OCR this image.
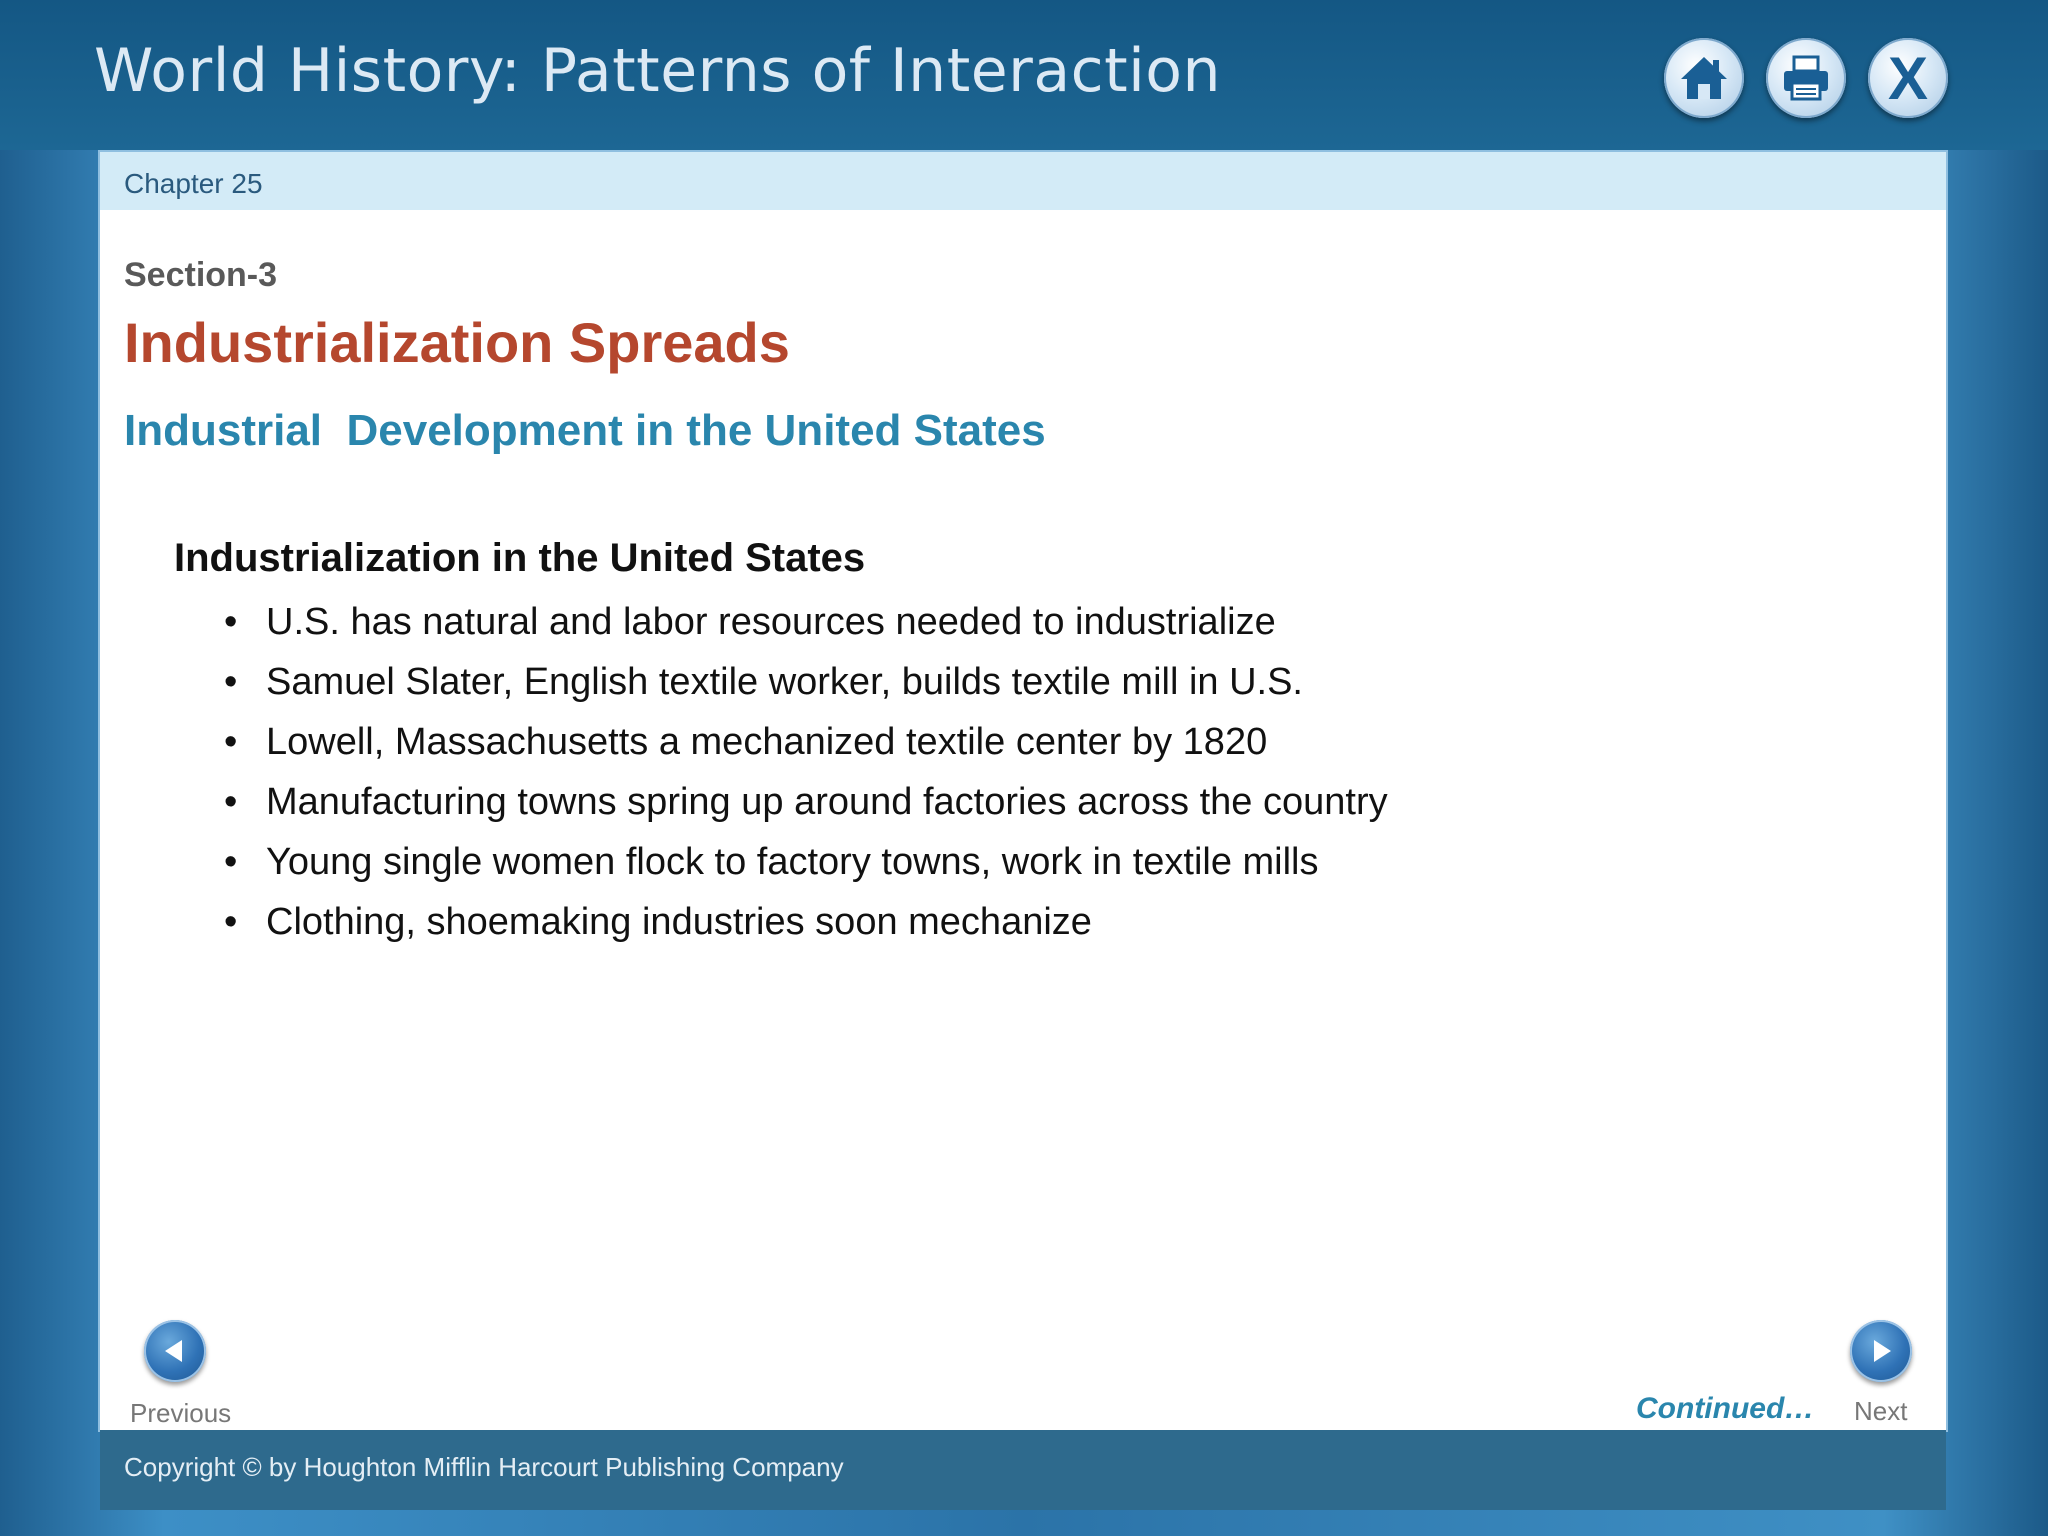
World History: Patterns of Interaction	X
Chapter 25
Section-3
Industrialization Spreads
Industrial  Development in the United States
Industrialization in the United States
• U.S. has natural and labor resources needed to industrialize
• Samuel Slater, English textile worker, builds textile mill in U.S.
• Lowell, Massachusetts a mechanized textile center by 1820
• Manufacturing towns spring up around factories across the country
• Young single women flock to factory towns, work in textile mills
• Clothing, shoemaking industries soon mechanize
Previous	Continued… Next
Copyright © by Houghton Mifflin Harcourt Publishing Company
